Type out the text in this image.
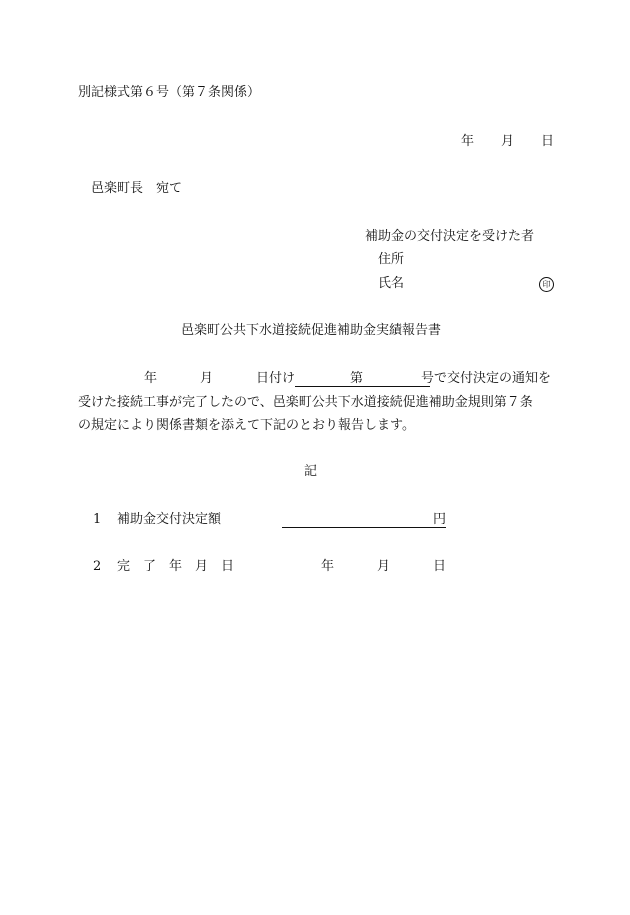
別記様式第６号（第７条関係）
年 月 日
邑楽町長　宛て
補助金の交付決定を受けた者
住所
氏名	印
邑楽町公共下水道接続促進補助金実績報告書
年	月	日付け	第	号で交付決定の通知を
受けた接続工事が完了したので、邑楽町公共下水道接続促進補助金規則第７条
の規定により関係書類を添えて下記のとおり報告します。
記
1 補助金交付決定額	円
2 完　了　年　月　日	年	月	日
